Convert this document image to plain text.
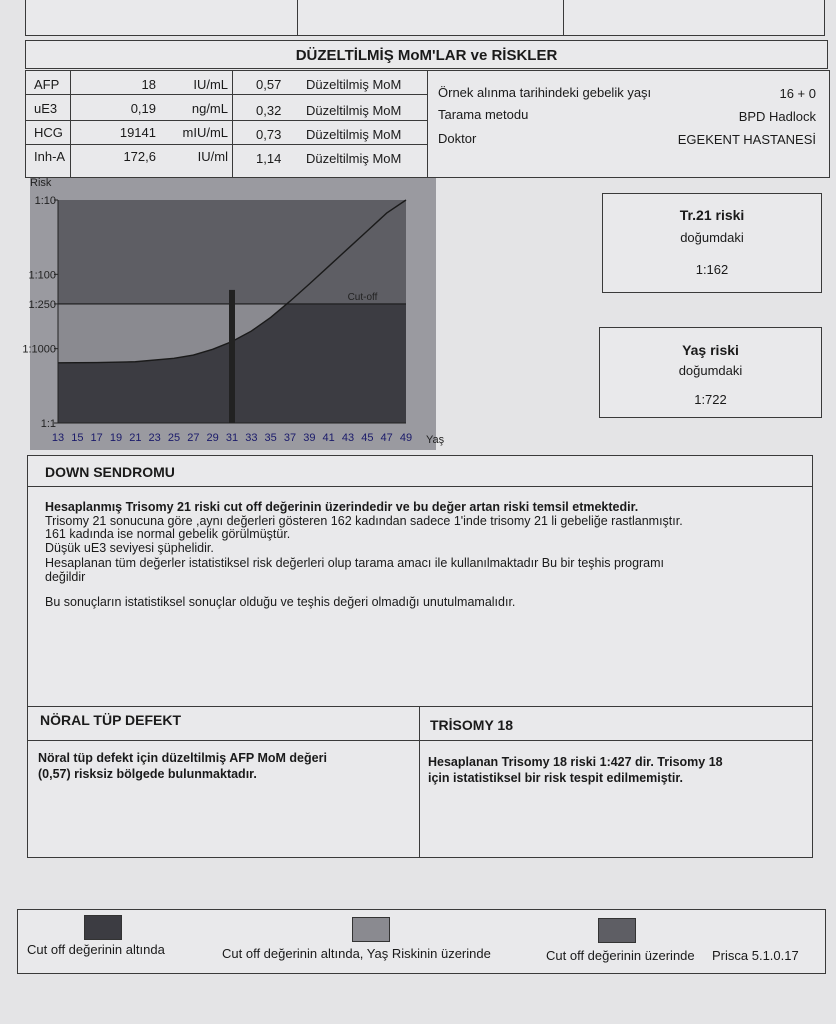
DÜZELTİLMİŞ MoM'LAR ve RİSKLER
AFP	18	IU/mL 0,57 Düzeltilmiş MoM
uE3	0,19	ng/mL 0,32 Düzeltilmiş MoM
HCG	19141	mIU/mL 0,73 Düzeltilmiş MoM
Inh-A	172,6	IU/ml 1,14 Düzeltilmiş MoM
Örnek alınma tarihindeki gebelik yaşı	16 + 0
Tarama metodu	BPD Hadlock
Doktor	EGEKENT HASTANESİ
Cut-off
1:10
1:100
1:250
1:1000
1:1
Risk
13 15 17 19 21 23 25 27 29 31 33 35 37 39 41 43 45 47 49 Yaş
Tr.21 riski
doğumdaki
1:162
Yaş riski
doğumdaki
1:722
DOWN SENDROMU
Hesaplanmış Trisomy 21 riski cut off değerinin üzerindedir ve bu değer artan riski temsil etmektedir.
Trisomy 21 sonucuna göre ,aynı değerleri gösteren 162 kadından sadece 1'inde trisomy 21 li gebeliğe rastlanmıştır.
161 kadında ise normal gebelik görülmüştür.
Düşük uE3 seviyesi şüphelidir.
Hesaplanan tüm değerler istatistiksel risk değerleri olup tarama amacı ile kullanılmaktadır Bu bir teşhis programı
değildir
Bu sonuçların istatistiksel sonuçlar olduğu ve teşhis değeri olmadığı unutulmamalıdır.
NÖRAL TÜP DEFEKT	TRİSOMY 18
Nöral tüp defekt için düzeltilmiş AFP MoM değeri
(0,57) risksiz bölgede bulunmaktadır.
Hesaplanan Trisomy 18 riski 1:427 dir. Trisomy 18
için istatistiksel bir risk tespit edilmemiştir.
Cut off değerinin altında	Cut off değerinin altında, Yaş Riskinin üzerinde	Cut off değerinin üzerinde Prisca 5.1.0.17
